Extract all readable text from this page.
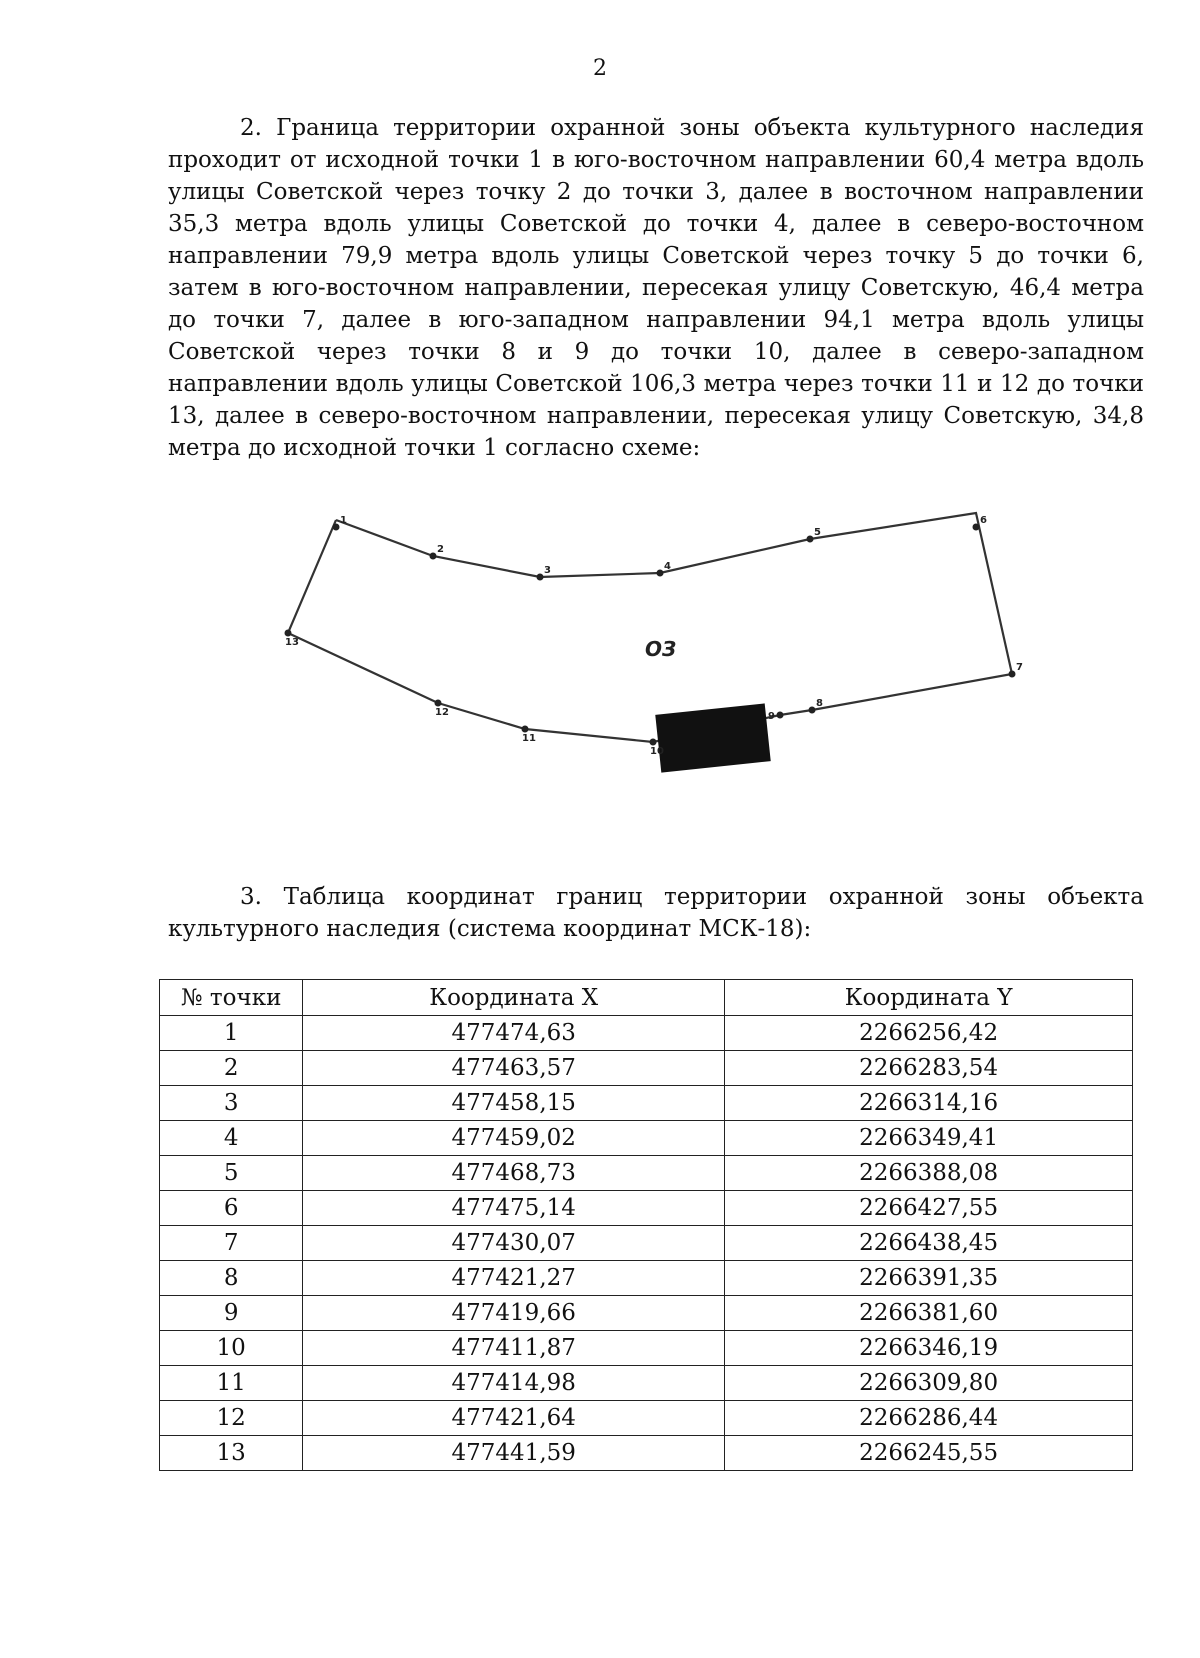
2

2. Граница территории охранной зоны объекта культурного наследия проходит от исходной точки 1 в юго-восточном направлении 60,4 метра вдоль улицы Советской через точку 2 до точки 3, далее в восточном направлении 35,3 метра вдоль улицы Советской до точки 4, далее в северо-восточном направлении 79,9 метра вдоль улицы Советской через точку 5 до точки 6, затем в юго-восточном направлении, пересекая улицу Советскую, 46,4 метра до точки 7, далее в юго-западном направлении 94,1 метра вдоль улицы Советской через точки 8 и 9 до точки 10, далее в северо-западном направлении вдоль улицы Советской 106,3 метра через точки 11 и 12 до точки 13, далее в северо-восточном направлении, пересекая улицу Советскую, 34,8 метра до исходной точки 1 согласно схеме:

1
2
3	4
5
6
7
8
9
10
11
12
13	ОЗ

3. Таблица координат границ территории охранной зоны объекта культурного наследия (система координат МСК-18):

№ точки	Координата X	Координата Y
1	477474,63	2266256,42
2	477463,57	2266283,54
3	477458,15	2266314,16
4	477459,02	2266349,41
5	477468,73	2266388,08
6	477475,14	2266427,55
7	477430,07	2266438,45
8	477421,27	2266391,35
9	477419,66	2266381,60
10	477411,87	2266346,19
11	477414,98	2266309,80
12	477421,64	2266286,44
13	477441,59	2266245,55
